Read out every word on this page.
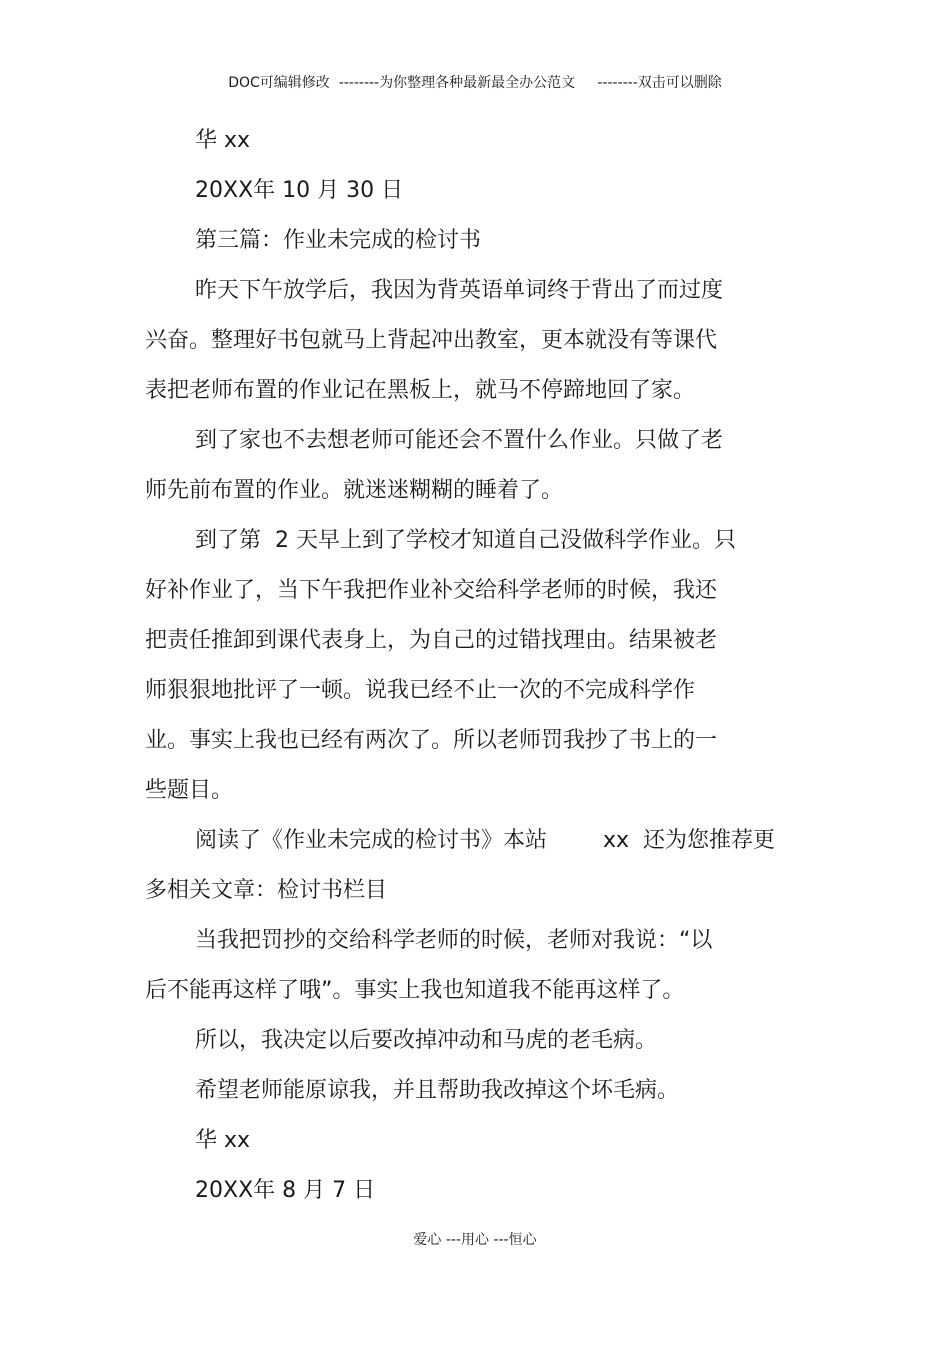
DOC可编辑修改  --------为你整理各种最新最全办公范文     --------双击可以删除
华 xx
20XX年 10 月 30 日
第三篇：作业未完成的检讨书
昨天下午放学后，我因为背英语单词终于背出了而过度
兴奋。整理好书包就马上背起冲出教室，更本就没有等课代
表把老师布置的作业记在黑板上，就马不停蹄地回了家。
到了家也不去想老师可能还会不置什么作业。只做了老
师先前布置的作业。就迷迷糊糊的睡着了。
到了第  2 天早上到了学校才知道自己没做科学作业。只
好补作业了，当下午我把作业补交给科学老师的时候，我还
把责任推卸到课代表身上，为自己的过错找理由。结果被老
师狠狠地批评了一顿。说我已经不止一次的不完成科学作
业。事实上我也已经有两次了。所以老师罚我抄了书上的一
些题目。
阅读了《作业未完成的检讨书》本站        xx  还为您推荐更
多相关文章：检讨书栏目
当我把罚抄的交给科学老师的时候，老师对我说：“以
后不能再这样了哦”。事实上我也知道我不能再这样了。
所以，我决定以后要改掉冲动和马虎的老毛病。
希望老师能原谅我，并且帮助我改掉这个坏毛病。
华 xx
20XX年 8 月 7 日
爱心 ---用心 ---恒心
